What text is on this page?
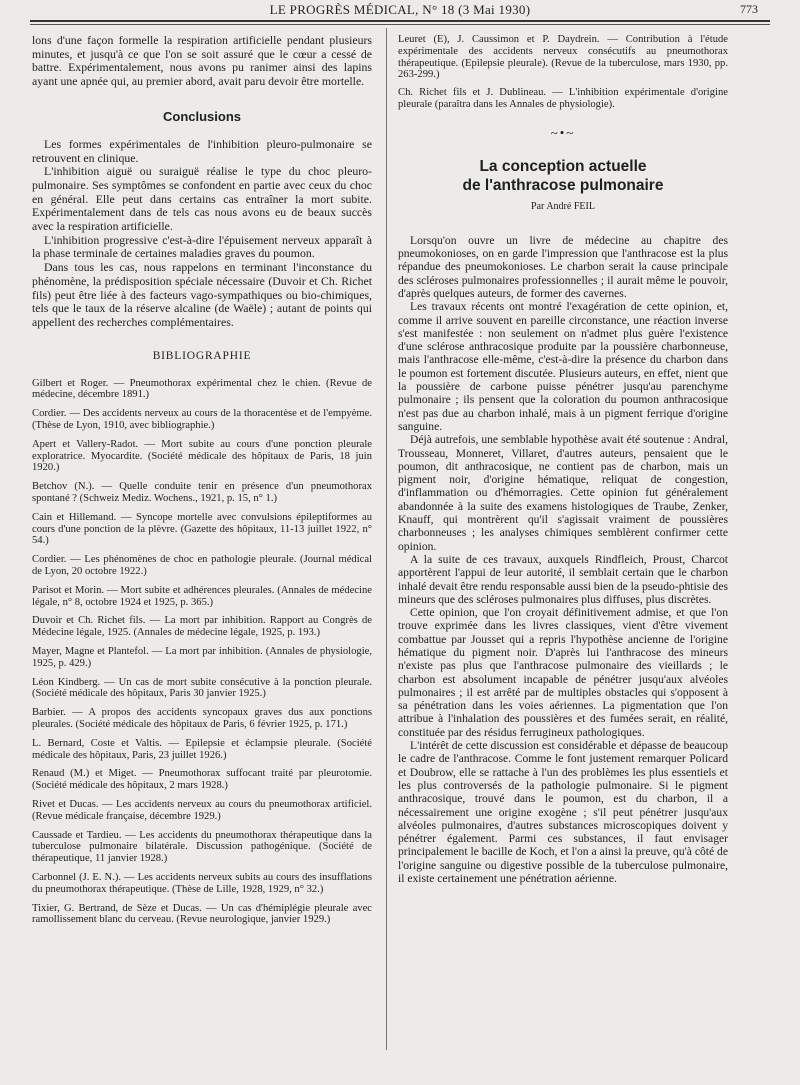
LE PROGRÈS MÉDICAL, N° 18 (3 Mai 1930)	773

lons d'une façon formelle la respiration artificielle pendant plusieurs minutes, et jusqu'à ce que l'on se soit assuré que le cœur a cessé de battre. Expérimentalement, nous avons pu ranimer ainsi des lapins ayant une apnée qui, au premier abord, avait paru devoir être mortelle.

Conclusions

Les formes expérimentales de l'inhibition pleuro-pulmonaire se retrouvent en clinique.

L'inhibition aiguë ou suraiguë réalise le type du choc pleuro-pulmonaire. Ses symptômes se confondent en partie avec ceux du choc en général. Elle peut dans certains cas entraîner la mort subite. Expérimentalement dans de tels cas nous avons eu de beaux succès avec la respiration artificielle.

L'inhibition progressive c'est-à-dire l'épuisement nerveux apparaît à la phase terminale de certaines maladies graves du poumon.

Dans tous les cas, nous rappelons en terminant l'inconstance du phénomène, la prédisposition spéciale nécessaire (Duvoir et Ch. Richet fils) peut être liée à des facteurs vago-sympathiques ou bio-chimiques, tels que le taux de la réserve alcaline (de Waële) ; autant de points qui appellent des recherches complémentaires.

BIBLIOGRAPHIE

Gilbert et Roger. — Pneumothorax expérimental chez le chien. (Revue de médecine, décembre 1891.)

Cordier. — Des accidents nerveux au cours de la thoracentèse et de l'empyème. (Thèse de Lyon, 1910, avec bibliographie.)

Apert et Vallery-Radot. — Mort subite au cours d'une ponction pleurale exploratrice. Myocardite. (Société médicale des hôpitaux de Paris, 18 juin 1920.)

Betchov (N.). — Quelle conduite tenir en présence d'un pneumothorax spontané ? (Schweiz Mediz. Wochens., 1921, p. 15, n° 1.)

Cain et Hillemand. — Syncope mortelle avec convulsions épileptiformes au cours d'une ponction de la plèvre. (Gazette des hôpitaux, 11-13 juillet 1922, n° 54.)

Cordier. — Les phénomènes de choc en pathologie pleurale. (Journal médical de Lyon, 20 octobre 1922.)

Parisot et Morin. — Mort subite et adhérences pleurales. (Annales de médecine légale, n° 8, octobre 1924 et 1925, p. 365.)

Duvoir et Ch. Richet fils. — La mort par inhibition. Rapport au Congrès de Médecine légale, 1925. (Annales de médecine légale, 1925, p. 193.)

Mayer, Magne et Plantefol. — La mort par inhibition. (Annales de physiologie, 1925, p. 429.)

Léon Kindberg. — Un cas de mort subite consécutive à la ponction pleurale. (Société médicale des hôpitaux, Paris 30 janvier 1925.)

Barbier. — A propos des accidents syncopaux graves dus aux ponctions pleurales. (Société médicale des hôpitaux de Paris, 6 février 1925, p. 171.)

L. Bernard, Coste et Valtis. — Epilepsie et éclampsie pleurale. (Société médicale des hôpitaux, Paris, 23 juillet 1926.)

Renaud (M.) et Miget. — Pneumothorax suffocant traité par pleurotomie. (Société médicale des hôpitaux, 2 mars 1928.)

Rivet et Ducas. — Les accidents nerveux au cours du pneumothorax artificiel. (Revue médicale française, décembre 1929.)

Caussade et Tardieu. — Les accidents du pneumothorax thérapeutique dans la tuberculose pulmonaire bilatérale. Discussion pathogénique. (Société de thérapeutique, 11 janvier 1928.)

Carbonnel (J. E. N.). — Les accidents nerveux subits au cours des insufflations du pneumothorax thérapeutique. (Thèse de Lille, 1928, 1929, n° 32.)

Tixier, G. Bertrand, de Sèze et Ducas. — Un cas d'hémiplégie pleurale avec ramollissement blanc du cerveau. (Revue neurologique, janvier 1929.)

Leuret (E), J. Caussimon et P. Daydrein. — Contribution à l'étude expérimentale des accidents nerveux consécutifs au pneumothorax thérapeutique. (Epilepsie pleurale). (Revue de la tuberculose, mars 1930, pp. 263-299.)

Ch. Richet fils et J. Dublineau. — L'inhibition expérimentale d'origine pleurale (paraîtra dans les Annales de physiologie).

~•~
La conception actuelle
de l'anthracose pulmonaire
Par André FEIL

Lorsqu'on ouvre un livre de médecine au chapitre des pneumokonioses, on en garde l'impression que l'anthracose est la plus répandue des pneumokonioses. Le charbon serait la cause principale des scléroses pulmonaires professionnelles ; il aurait même le pouvoir, d'après quelques auteurs, de former des cavernes.

Les travaux récents ont montré l'exagération de cette opinion, et, comme il arrive souvent en pareille circonstance, une réaction inverse s'est manifestée : non seulement on n'admet plus guère l'existence d'une sclérose anthracosique produite par la poussière charbonneuse, mais l'anthracose elle-même, c'est-à-dire la présence du charbon dans le poumon est fortement discutée. Plusieurs auteurs, en effet, nient que la poussière de carbone puisse pénétrer jusqu'au parenchyme pulmonaire ; ils pensent que la coloration du poumon anthracosique n'est pas due au charbon inhalé, mais à un pigment ferrique d'origine sanguine.

Déjà autrefois, une semblable hypothèse avait été soutenue : Andral, Trousseau, Monneret, Villaret, d'autres auteurs, pensaient que le poumon, dit anthracosique, ne contient pas de charbon, mais un pigment noir, d'origine hématique, reliquat de congestion, d'inflammation ou d'hémorragies. Cette opinion fut généralement abandonnée à la suite des examens histologiques de Traube, Zenker, Knauff, qui montrèrent qu'il s'agissait vraiment de poussières charbonneuses ; les analyses chimiques semblèrent confirmer cette opinion.

A la suite de ces travaux, auxquels Rindfleich, Proust, Charcot apportèrent l'appui de leur autorité, il semblait certain que le charbon inhalé devait être rendu responsable aussi bien de la pseudo-phtisie des mineurs que des scléroses pulmonaires plus diffuses, plus discrètes.

Cette opinion, que l'on croyait définitivement admise, et que l'on trouve exprimée dans les livres classiques, vient d'être vivement combattue par Jousset qui a repris l'hypothèse ancienne de l'origine hématique du pigment noir. D'après lui l'anthracose des mineurs n'existe pas plus que l'anthracose pulmonaire des vieillards ; le charbon est absolument incapable de pénétrer jusqu'aux alvéoles pulmonaires ; il est arrêté par de multiples obstacles qui s'opposent à sa pénétration dans les voies aériennes. La pigmentation que l'on attribue à l'inhalation des poussières et des fumées serait, en réalité, constituée par des résidus ferrugineux pathologiques.

L'intérêt de cette discussion est considérable et dépasse de beaucoup le cadre de l'anthracose. Comme le font justement remarquer Policard et Doubrow, elle se rattache à l'un des problèmes les plus essentiels et les plus controversés de la pathologie pulmonaire. Si le pigment anthracosique, trouvé dans le poumon, est du charbon, il a nécessairement une origine exogène ; s'il peut pénétrer jusqu'aux alvéoles pulmonaires, d'autres substances microscopiques doivent y pénétrer également. Parmi ces substances, il faut envisager principalement le bacille de Koch, et l'on a ainsi la preuve, qu'à côté de l'origine sanguine ou digestive possible de la tuberculose pulmonaire, il existe certainement une pénétration aérienne.
